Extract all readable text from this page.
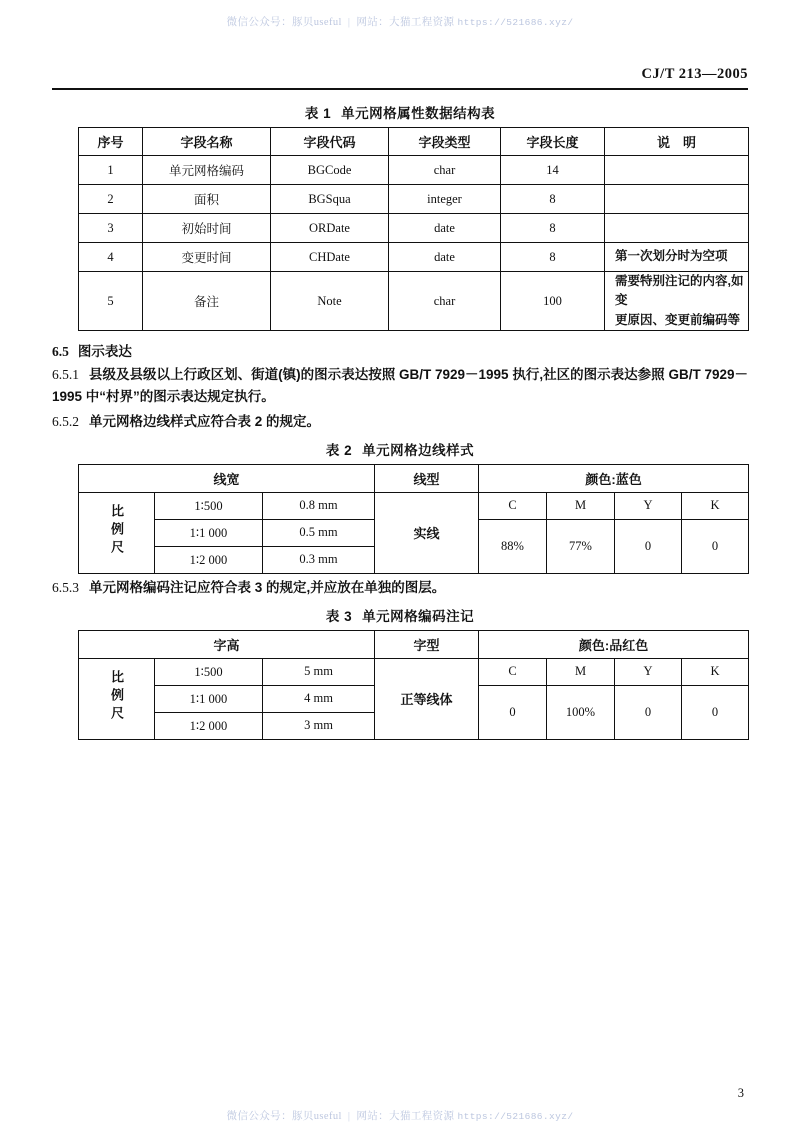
微信公众号：豚贝useful | 网站：大猫工程资源 https://521686.xyz/
CJ/T 213—2005
表 1 单元网格属性数据结构表
序号	字段名称	字段代码	字段类型	字段长度	说　明
1	单元网格编码	BGCode	char	14	
2	面积	BGSqua	integer	8	
3	初始时间	ORDate	date	8	
4	变更时间	CHDate	date	8	第一次划分时为空项
5	备注	Note	char	100	需要特别注记的内容,如变
更原因、变更前编码等
6.5 图示表达

6.5.1 县级及县级以上行政区划、街道(镇)的图示表达按照 GB/T 7929－1995 执行,社区的图示表达参照 GB/T 7929－1995 中“村界”的图示表达规定执行。

6.5.2 单元网格边线样式应符合表 2 的规定。

表 2 单元网格边线样式
线宽			线型	颜色:蓝色			
比例尺	1∶500	0.8 mm	实线	C	M	Y	K
	1∶1 000	0.5 mm		88%	77%	0	0
	1∶2 000	0.3 mm					

6.5.3 单元网格编码注记应符合表 3 的规定,并应放在单独的图层。

表 3 单元网格编码注记
字高			字型	颜色:品红色			
比例尺	1∶500	5 mm	正等线体	C	M	Y	K
	1∶1 000	4 mm		0	100%	0	0
	1∶2 000	3 mm					
3
微信公众号：豚贝useful | 网站：大猫工程资源 https://521686.xyz/
